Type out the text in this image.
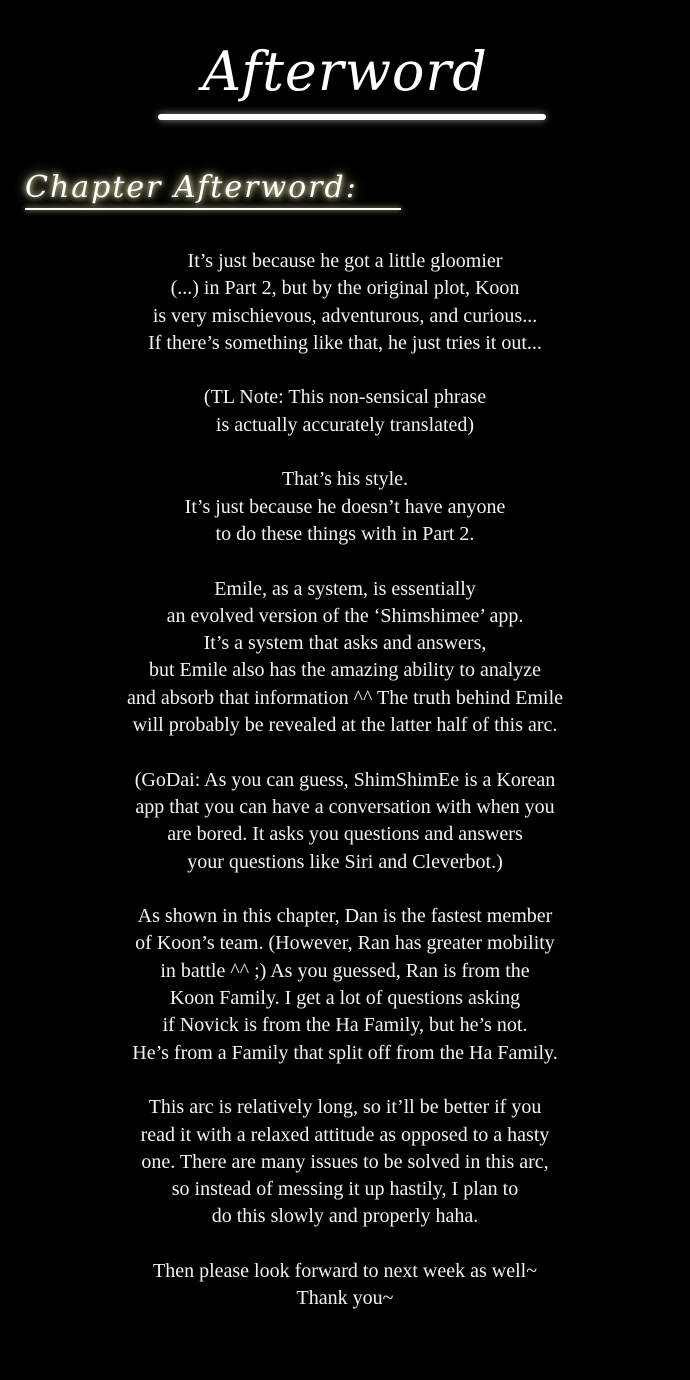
Afterword
Chapter Afterword:
It’s just because he got a little gloomier
(...) in Part 2, but by the original plot, Koon
is very mischievous, adventurous, and curious...
If there’s something like that, he just tries it out...
(TL Note: This non-sensical phrase
is actually accurately translated)
That’s his style.
It’s just because he doesn’t have anyone
to do these things with in Part 2.
Emile, as a system, is essentially
an evolved version of the ‘Shimshimee’ app.
It’s a system that asks and answers,
but Emile also has the amazing ability to analyze
and absorb that information ^^ The truth behind Emile
will probably be revealed at the latter half of this arc.
(GoDai: As you can guess, ShimShimEe is a Korean
app that you can have a conversation with when you
are bored. It asks you questions and answers
your questions like Siri and Cleverbot.)
As shown in this chapter, Dan is the fastest member
of Koon’s team. (However, Ran has greater mobility
in battle ^^ ;) As you guessed, Ran is from the
Koon Family. I get a lot of questions asking
if Novick is from the Ha Family, but he’s not.
He’s from a Family that split off from the Ha Family.
This arc is relatively long, so it’ll be better if you
read it with a relaxed attitude as opposed to a hasty
one. There are many issues to be solved in this arc,
so instead of messing it up hastily, I plan to
do this slowly and properly haha.
Then please look forward to next week as well~
Thank you~
